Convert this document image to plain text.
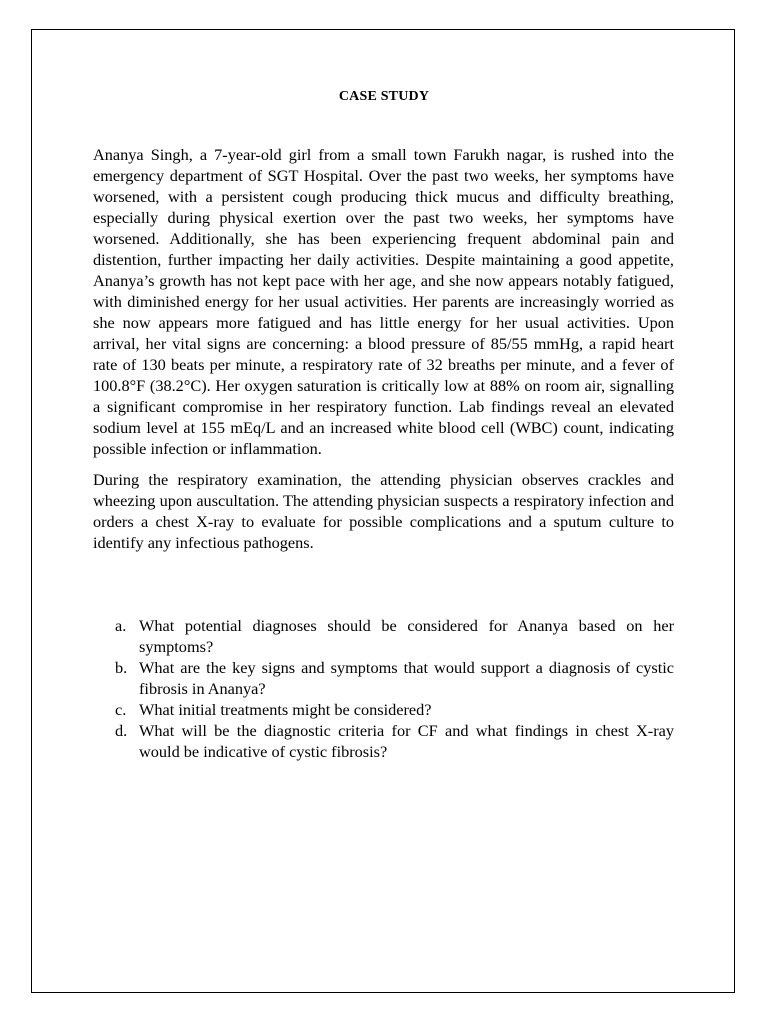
CASE STUDY

Ananya Singh, a 7-year-old girl from a small town Farukh nagar, is rushed into the emergency department of SGT Hospital. Over the past two weeks, her symptoms have worsened, with a persistent cough producing thick mucus and difficulty breathing, especially during physical exertion over the past two weeks, her symptoms have worsened. Additionally, she has been experiencing frequent abdominal pain and distention, further impacting her daily activities. Despite maintaining a good appetite, Ananya’s growth has not kept pace with her age, and she now appears notably fatigued, with diminished energy for her usual activities. Her parents are increasingly worried as she now appears more fatigued and has little energy for her usual activities. Upon arrival, her vital signs are concerning: a blood pressure of 85/55 mmHg, a rapid heart rate of 130 beats per minute, a respiratory rate of 32 breaths per minute, and a fever of 100.8°F (38.2°C). Her oxygen saturation is critically low at 88% on room air, signalling a significant compromise in her respiratory function. Lab findings reveal an elevated sodium level at 155 mEq/L and an increased white blood cell (WBC) count, indicating possible infection or inflammation.

During the respiratory examination, the attending physician observes crackles and wheezing upon auscultation. The attending physician suspects a respiratory infection and orders a chest X-ray to evaluate for possible complications and a sputum culture to identify any infectious pathogens.

a. What potential diagnoses should be considered for Ananya based on her symptoms?
b. What are the key signs and symptoms that would support a diagnosis of cystic fibrosis in Ananya?
c. What initial treatments might be considered?
d. What will be the diagnostic criteria for CF and what findings in chest X-ray would be indicative of cystic fibrosis?
